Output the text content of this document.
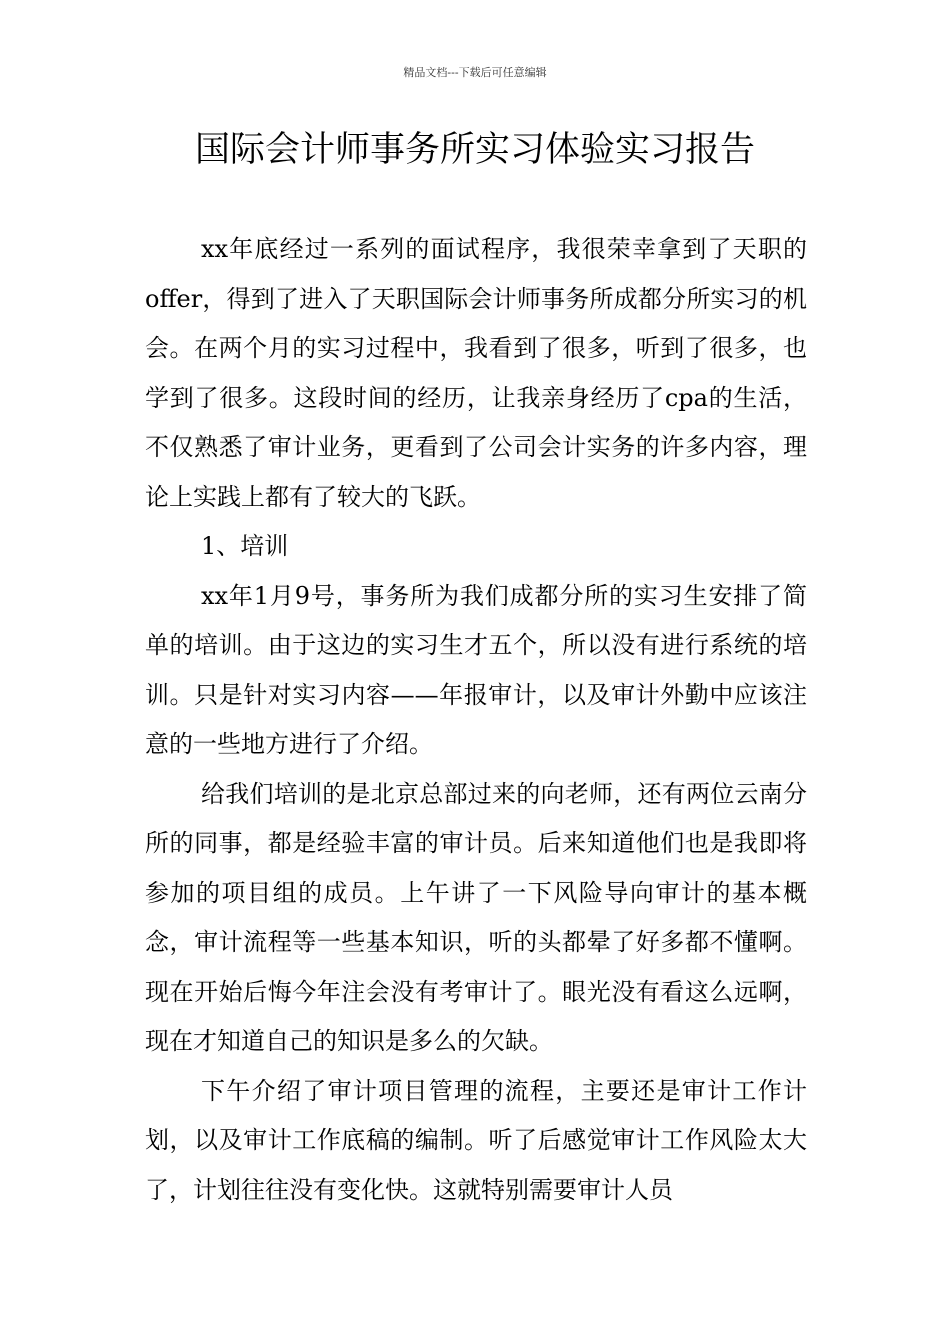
精品文档---下载后可任意编辑
国际会计师事务所实习体验实习报告

xx年底经过一系列的面试程序，我很荣幸拿到了天职的offer，得到了进入了天职国际会计师事务所成都分所实习的机会。在两个月的实习过程中，我看到了很多，听到了很多，也学到了很多。这段时间的经历，让我亲身经历了cpa的生活，不仅熟悉了审计业务，更看到了公司会计实务的许多内容，理论上实践上都有了较大的飞跃。

1、培训

xx年1月9号，事务所为我们成都分所的实习生安排了简单的培训。由于这边的实习生才五个，所以没有进行系统的培训。只是针对实习内容——年报审计，以及审计外勤中应该注意的一些地方进行了介绍。

给我们培训的是北京总部过来的向老师，还有两位云南分所的同事，都是经验丰富的审计员。后来知道他们也是我即将参加的项目组的成员。上午讲了一下风险导向审计的基本概念，审计流程等一些基本知识，听的头都晕了好多都不懂啊。现在开始后悔今年注会没有考审计了。眼光没有看这么远啊，现在才知道自己的知识是多么的欠缺。

下午介绍了审计项目管理的流程，主要还是审计工作计划，以及审计工作底稿的编制。听了后感觉审计工作风险太大了，计划往往没有变化快。这就特别需要审计人员
